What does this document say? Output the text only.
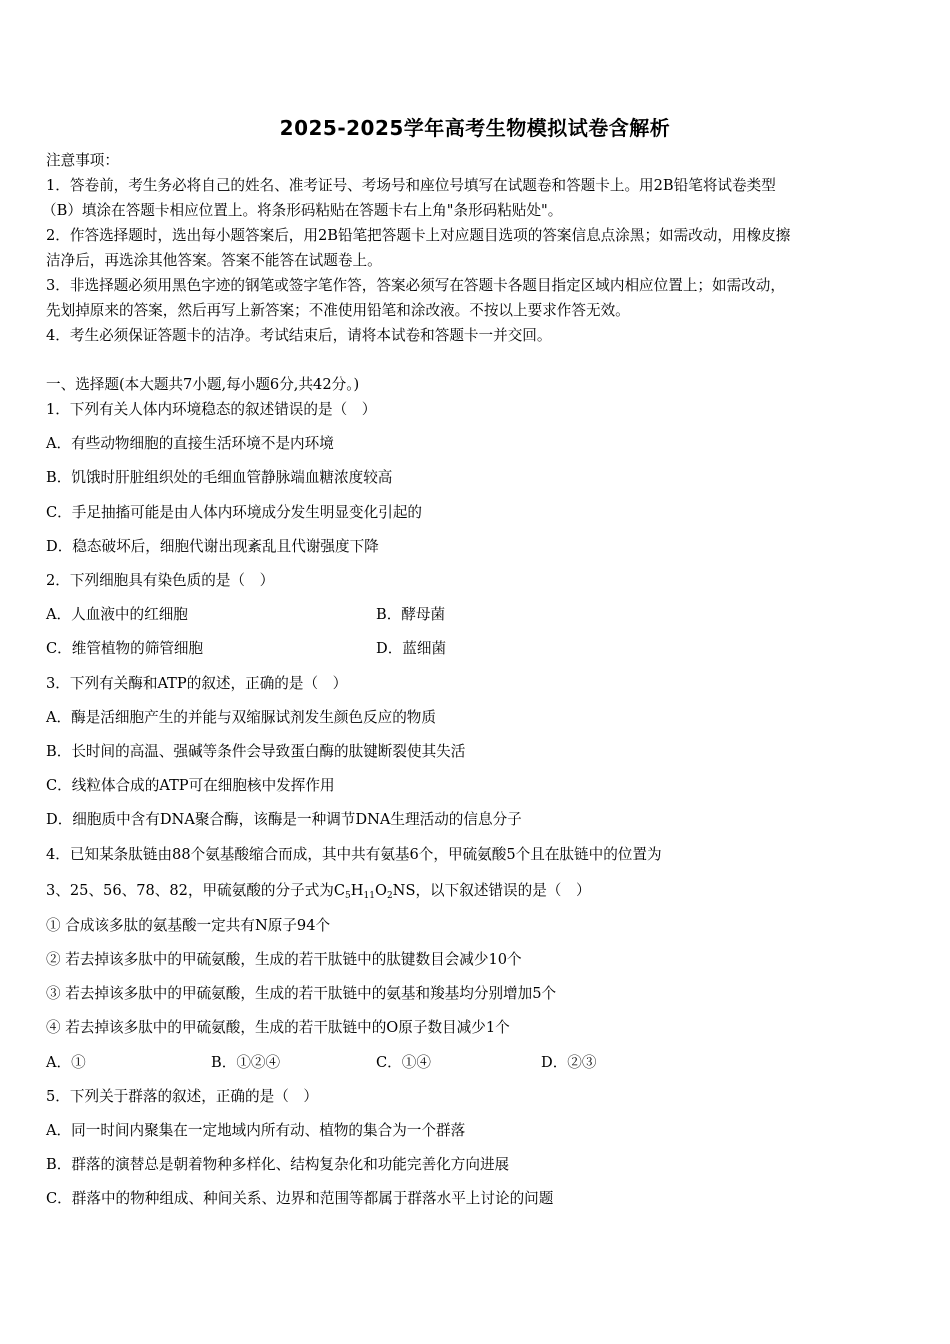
2025-2025学年高考生物模拟试卷含解析
注意事项：
1．答卷前，考生务必将自己的姓名、准考证号、考场号和座位号填写在试题卷和答题卡上。用2B铅笔将试卷类型
（B）填涂在答题卡相应位置上。将条形码粘贴在答题卡右上角"条形码粘贴处"。
2．作答选择题时，选出每小题答案后，用2B铅笔把答题卡上对应题目选项的答案信息点涂黑；如需改动，用橡皮擦
洁净后，再选涂其他答案。答案不能答在试题卷上。
3．非选择题必须用黑色字迹的钢笔或签字笔作答，答案必须写在答题卡各题目指定区域内相应位置上；如需改动，
先划掉原来的答案，然后再写上新答案；不准使用铅笔和涂改液。不按以上要求作答无效。
4．考生必须保证答题卡的洁净。考试结束后，请将本试卷和答题卡一并交回。
一、选择题(本大题共7小题,每小题6分,共42分。)
1．下列有关人体内环境稳态的叙述错误的是（　）
A．有些动物细胞的直接生活环境不是内环境
B．饥饿时肝脏组织处的毛细血管静脉端血糖浓度较高
C．手足抽搐可能是由人体内环境成分发生明显变化引起的
D．稳态破坏后，细胞代谢出现紊乱且代谢强度下降
2．下列细胞具有染色质的是（　）
A．人血液中的红细胞	B．酵母菌
C．维管植物的筛管细胞	D．蓝细菌
3．下列有关酶和ATP的叙述，正确的是（　）
A．酶是活细胞产生的并能与双缩脲试剂发生颜色反应的物质
B．长时间的高温、强碱等条件会导致蛋白酶的肽键断裂使其失活
C．线粒体合成的ATP可在细胞核中发挥作用
D．细胞质中含有DNA聚合酶，该酶是一种调节DNA生理活动的信息分子
4．已知某条肽链由88个氨基酸缩合而成，其中共有氨基6个，甲硫氨酸5个且在肽链中的位置为
3、25、56、78、82，甲硫氨酸的分子式为$C_5H_{11}O_2NS$，以下叙述错误的是（　）
① 合成该多肽的氨基酸一定共有N原子94个
② 若去掉该多肽中的甲硫氨酸，生成的若干肽链中的肽键数目会减少10个
③ 若去掉该多肽中的甲硫氨酸，生成的若干肽链中的氨基和羧基均分别增加5个
④ 若去掉该多肽中的甲硫氨酸，生成的若干肽链中的O原子数目减少1个
A．①	B．①②④	C．①④	D．②③
5．下列关于群落的叙述，正确的是（　）
A．同一时间内聚集在一定地域内所有动、植物的集合为一个群落
B．群落的演替总是朝着物种多样化、结构复杂化和功能完善化方向进展
C．群落中的物种组成、种间关系、边界和范围等都属于群落水平上讨论的问题
